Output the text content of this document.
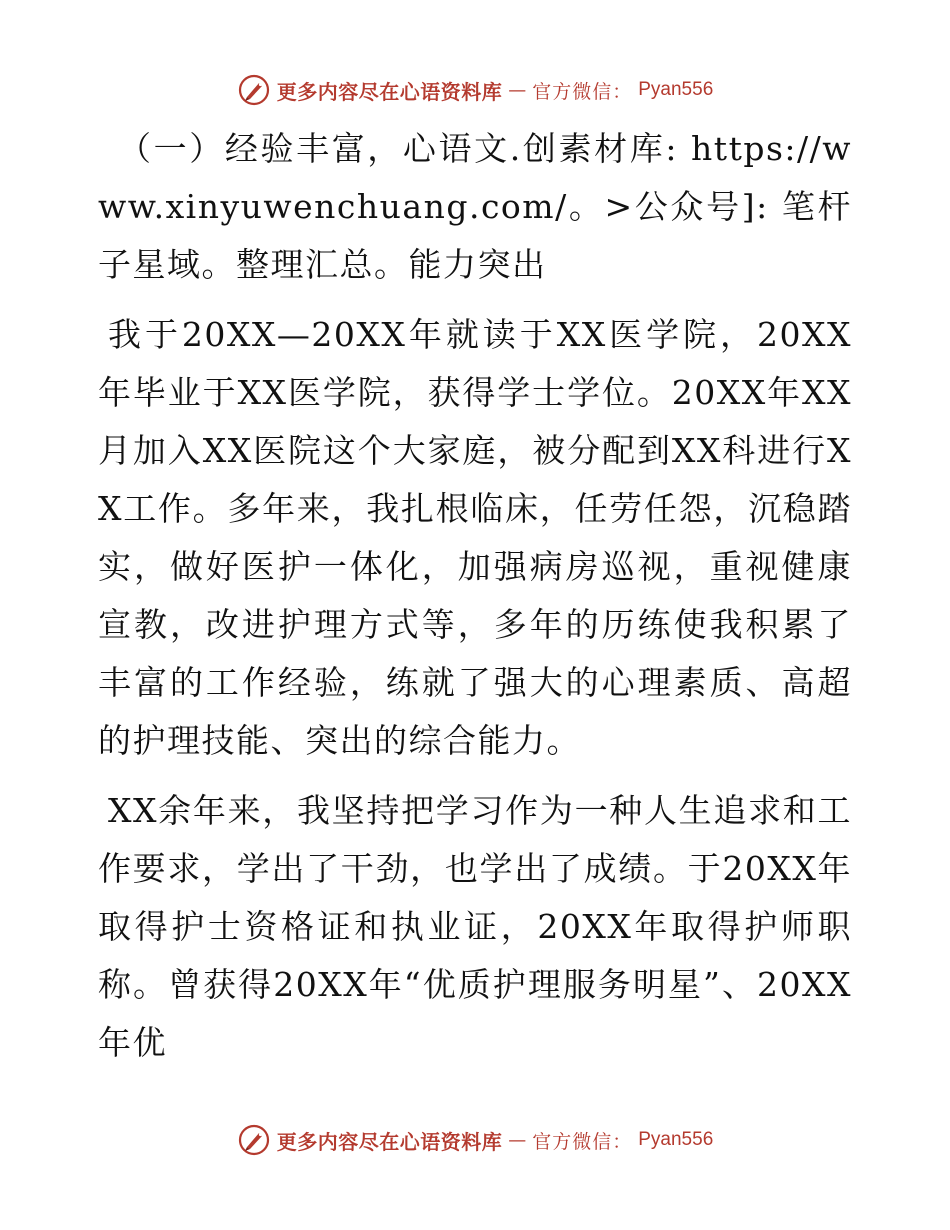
更多内容尽在心语资料库 — 官方微信： Pyan556

（一）经验丰富，心语文.创素材库: https://www.xinyuwenchuang.com/。>公众号]: 笔杆子星域。整理汇总。能力突出

我于20XX—20XX年就读于XX医学院，20XX年毕业于XX医学院，获得学士学位。20XX年XX月加入XX医院这个大家庭，被分配到XX科进行XX工作。多年来，我扎根临床，任劳任怨，沉稳踏实，做好医护一体化，加强病房巡视，重视健康宣教，改进护理方式等，多年的历练使我积累了丰富的工作经验，练就了强大的心理素质、高超的护理技能、突出的综合能力。

XX余年来，我坚持把学习作为一种人生追求和工作要求，学出了干劲，也学出了成绩。于20XX年取得护士资格证和执业证，20XX年取得护师职称。曾获得20XX年“优质护理服务明星”、20XX年优

更多内容尽在心语资料库 — 官方微信： Pyan556
